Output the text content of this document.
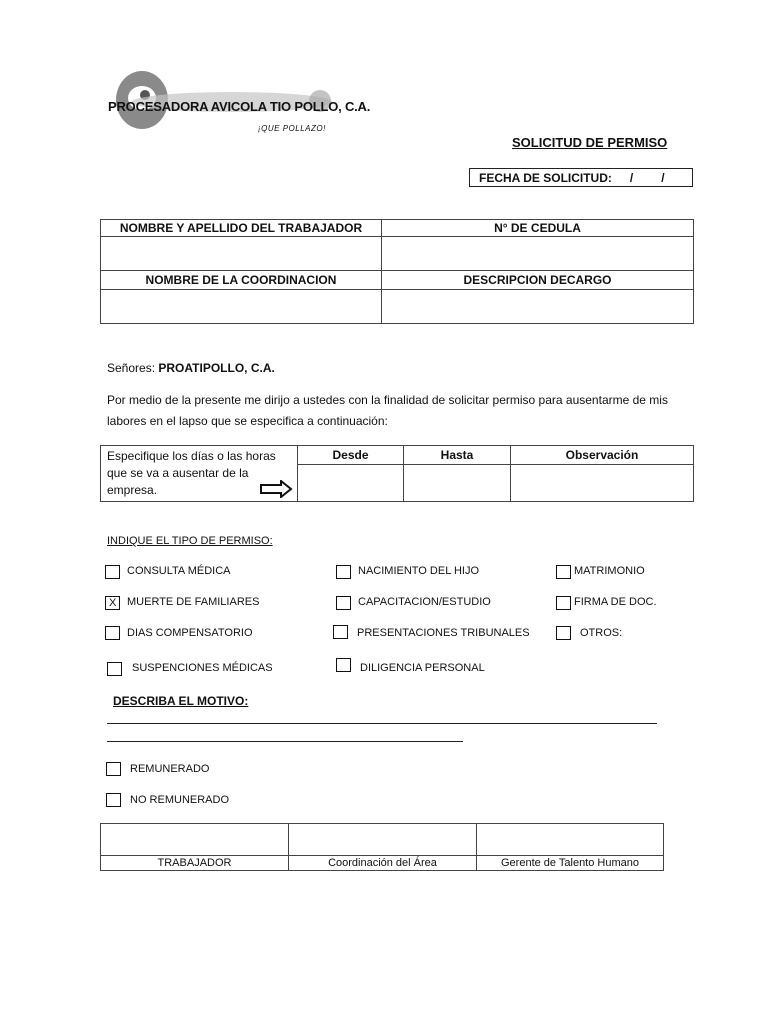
PROCESADORA AVICOLA TIO POLLO, C.A.
¡QUE POLLAZO!
SOLICITUD DE PERMISO
FECHA DE SOLICITUD: / /
NOMBRE Y APELLIDO DEL TRABAJADOR	N° DE CEDULA

NOMBRE DE LA COORDINACION	DESCRIPCION DECARGO

Señores: PROATIPOLLO, C.A.
Por medio de la presente me dirijo a ustedes con la finalidad de solicitar permiso para ausentarme de mis labores en el lapso que se especifica a continuación:
Especifique los días o las horas que se va a ausentar de la empresa.	Desde	Hasta	Observación

INDIQUE EL TIPO DE PERMISO:
CONSULTA MÉDICA	NACIMIENTO DEL HIJO	MATRIMONIO
X MUERTE DE FAMILIARES	CAPACITACION/ESTUDIO	FIRMA DE DOC.
DIAS COMPENSATORIO	PRESENTACIONES TRIBUNALES	OTROS:
SUSPENCIONES MÉDICAS	DILIGENCIA PERSONAL
DESCRIBA EL MOTIVO:
REMUNERADO
NO REMUNERADO

TRABAJADOR	Coordinación del Área	Gerente de Talento Humano
